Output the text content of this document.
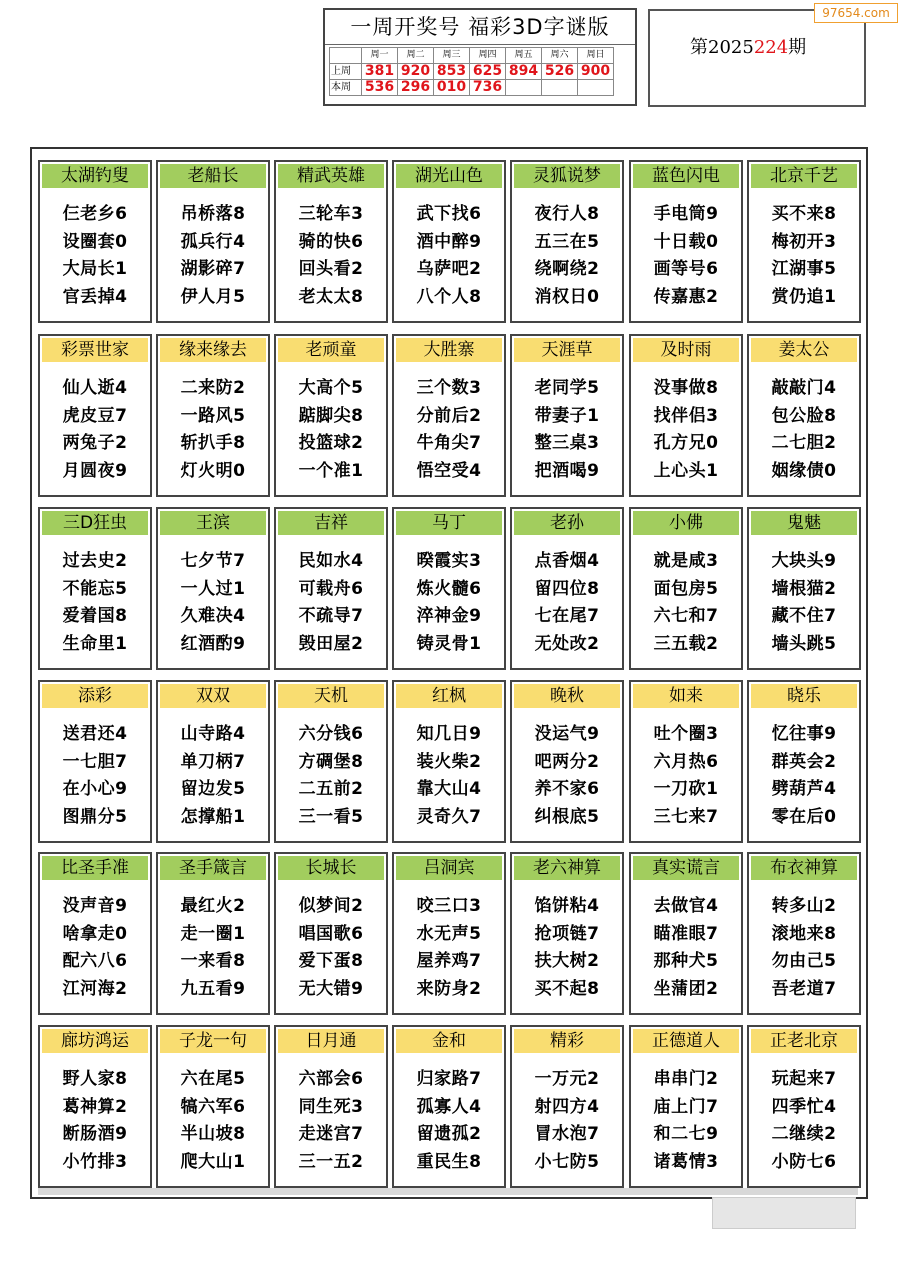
一周开奖号 福彩3D字谜版
	周一	周二	周三	周四	周五	周六	周日
上周	381	920	853	625	894	526	900
本周	536	296	010	736			
第2025224期
97654.com
太湖钓叟
仨老乡6
设圈套0
大局长1
官丢掉4
老船长
吊桥落8
孤兵行4
湖影碎7
伊人月5
精武英雄
三轮车3
骑的快6
回头看2
老太太8
湖光山色
武下找6
酒中醉9
乌萨吧2
八个人8
灵狐说梦
夜行人8
五三在5
绕啊绕2
消权日0
蓝色闪电
手电筒9
十日载0
画等号6
传嘉惠2
北京千艺
买不来8
梅初开3
江湖事5
赏仍追1
彩票世家
仙人逝4
虎皮豆7
两兔子2
月圆夜9
缘来缘去
二来防2
一路风5
斩扒手8
灯火明0
老顽童
大高个5
踮脚尖8
投篮球2
一个准1
大胜寨
三个数3
分前后2
牛角尖7
悟空受4
天涯草
老同学5
带妻子1
整三桌3
把酒喝9
及时雨
没事做8
找伴侣3
孔方兄0
上心头1
姜太公
敲敲门4
包公脸8
二七胆2
姻缘债0
三D狂虫
过去史2
不能忘5
爱着国8
生命里1
王滨
七夕节7
一人过1
久难决4
红酒酌9
吉祥
民如水4
可载舟6
不疏导7
毁田屋2
马丁
暌霞实3
炼火髓6
淬神金9
铸灵骨1
老孙
点香烟4
留四位8
七在尾7
无处改2
小佛
就是咸3
面包房5
六七和7
三五载2
鬼魅
大块头9
墙根猫2
藏不住7
墙头跳5
添彩
送君还4
一七胆7
在小心9
图鼎分5
双双
山寺路4
单刀柄7
留边发5
怎撑船1
天机
六分钱6
方碉堡8
二五前2
三一看5
红枫
知几日9
装火柴2
靠大山4
灵奇久7
晚秋
没运气9
吧两分2
养不家6
纠根底5
如来
吐个圈3
六月热6
一刀砍1
三七来7
晓乐
忆往事9
群英会2
劈葫芦4
零在后0
比圣手准
没声音9
啥拿走0
配六八6
江河海2
圣手箴言
最红火2
走一圈1
一来看8
九五看9
长城长
似梦间2
唱国歌6
爱下蛋8
无大错9
吕洞宾
咬三口3
水无声5
屋养鸡7
来防身2
老六神算
馅饼粘4
抢项链7
扶大树2
买不起8
真实谎言
去做官4
瞄准眼7
那种犬5
坐蒲团2
布衣神算
转多山2
滚地来8
勿由己5
吾老道7
廊坊鸿运
野人家8
葛神算2
断肠酒9
小竹排3
子龙一句
六在尾5
犒六军6
半山坡8
爬大山1
日月通
六部会6
同生死3
走迷宫7
三一五2
金和
归家路7
孤寡人4
留遗孤2
重民生8
精彩
一万元2
射四方4
冒水泡7
小七防5
正德道人
串串门2
庙上门7
和二七9
诸葛情3
正老北京
玩起来7
四季忙4
二继续2
小防七6
